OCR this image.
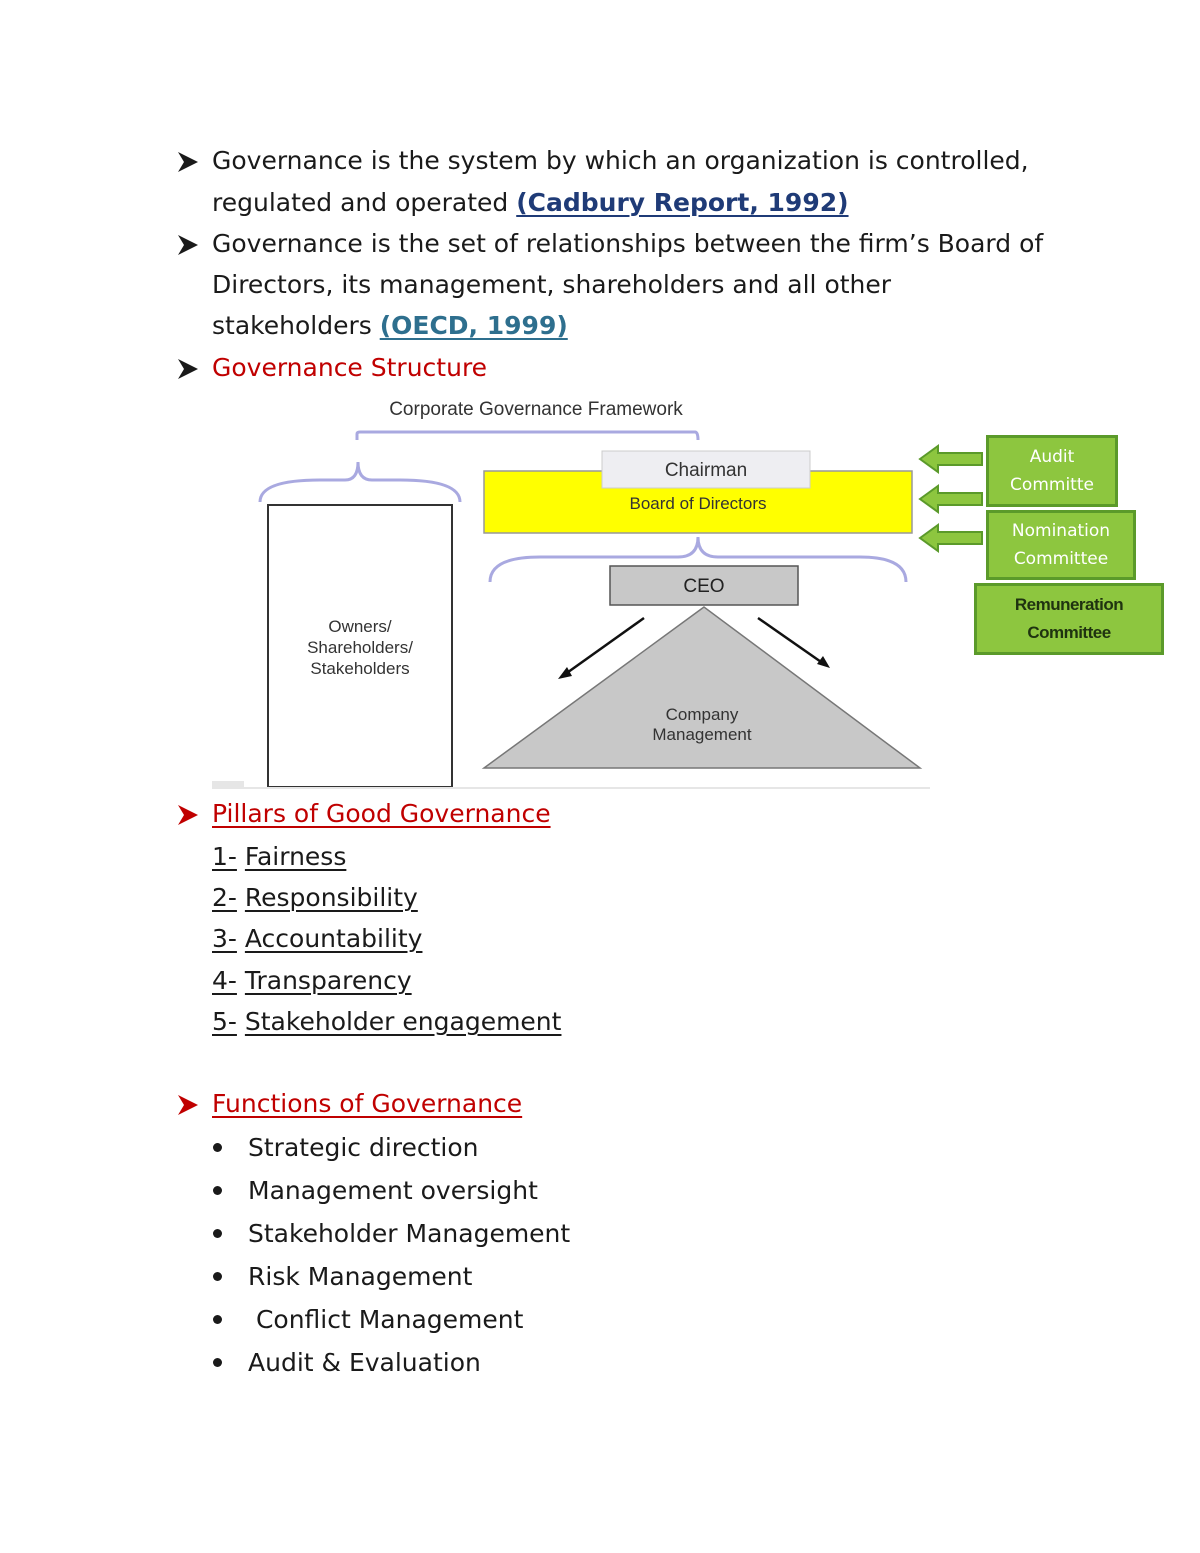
Governance is the system by which an organization is controlled,
regulated and operated (Cadbury Report, 1992)
Governance is the set of relationships between the firm’s Board of
Directors, its management, shareholders and all other
stakeholders (OECD, 1999)
Governance Structure
Corporate Governance Framework
Owners/
Shareholders/
Stakeholders
Chairman
Board of Directors
CEO
Company
Management
Audit
Committe
Nomination
Committee
Remuneration
Committee
Pillars of Good Governance
1- Fairness
2- Responsibility
3- Accountability
4- Transparency
5- Stakeholder engagement
Functions of Governance
Strategic direction
Management oversight
Stakeholder Management
Risk Management
Conflict Management
Audit & Evaluation
